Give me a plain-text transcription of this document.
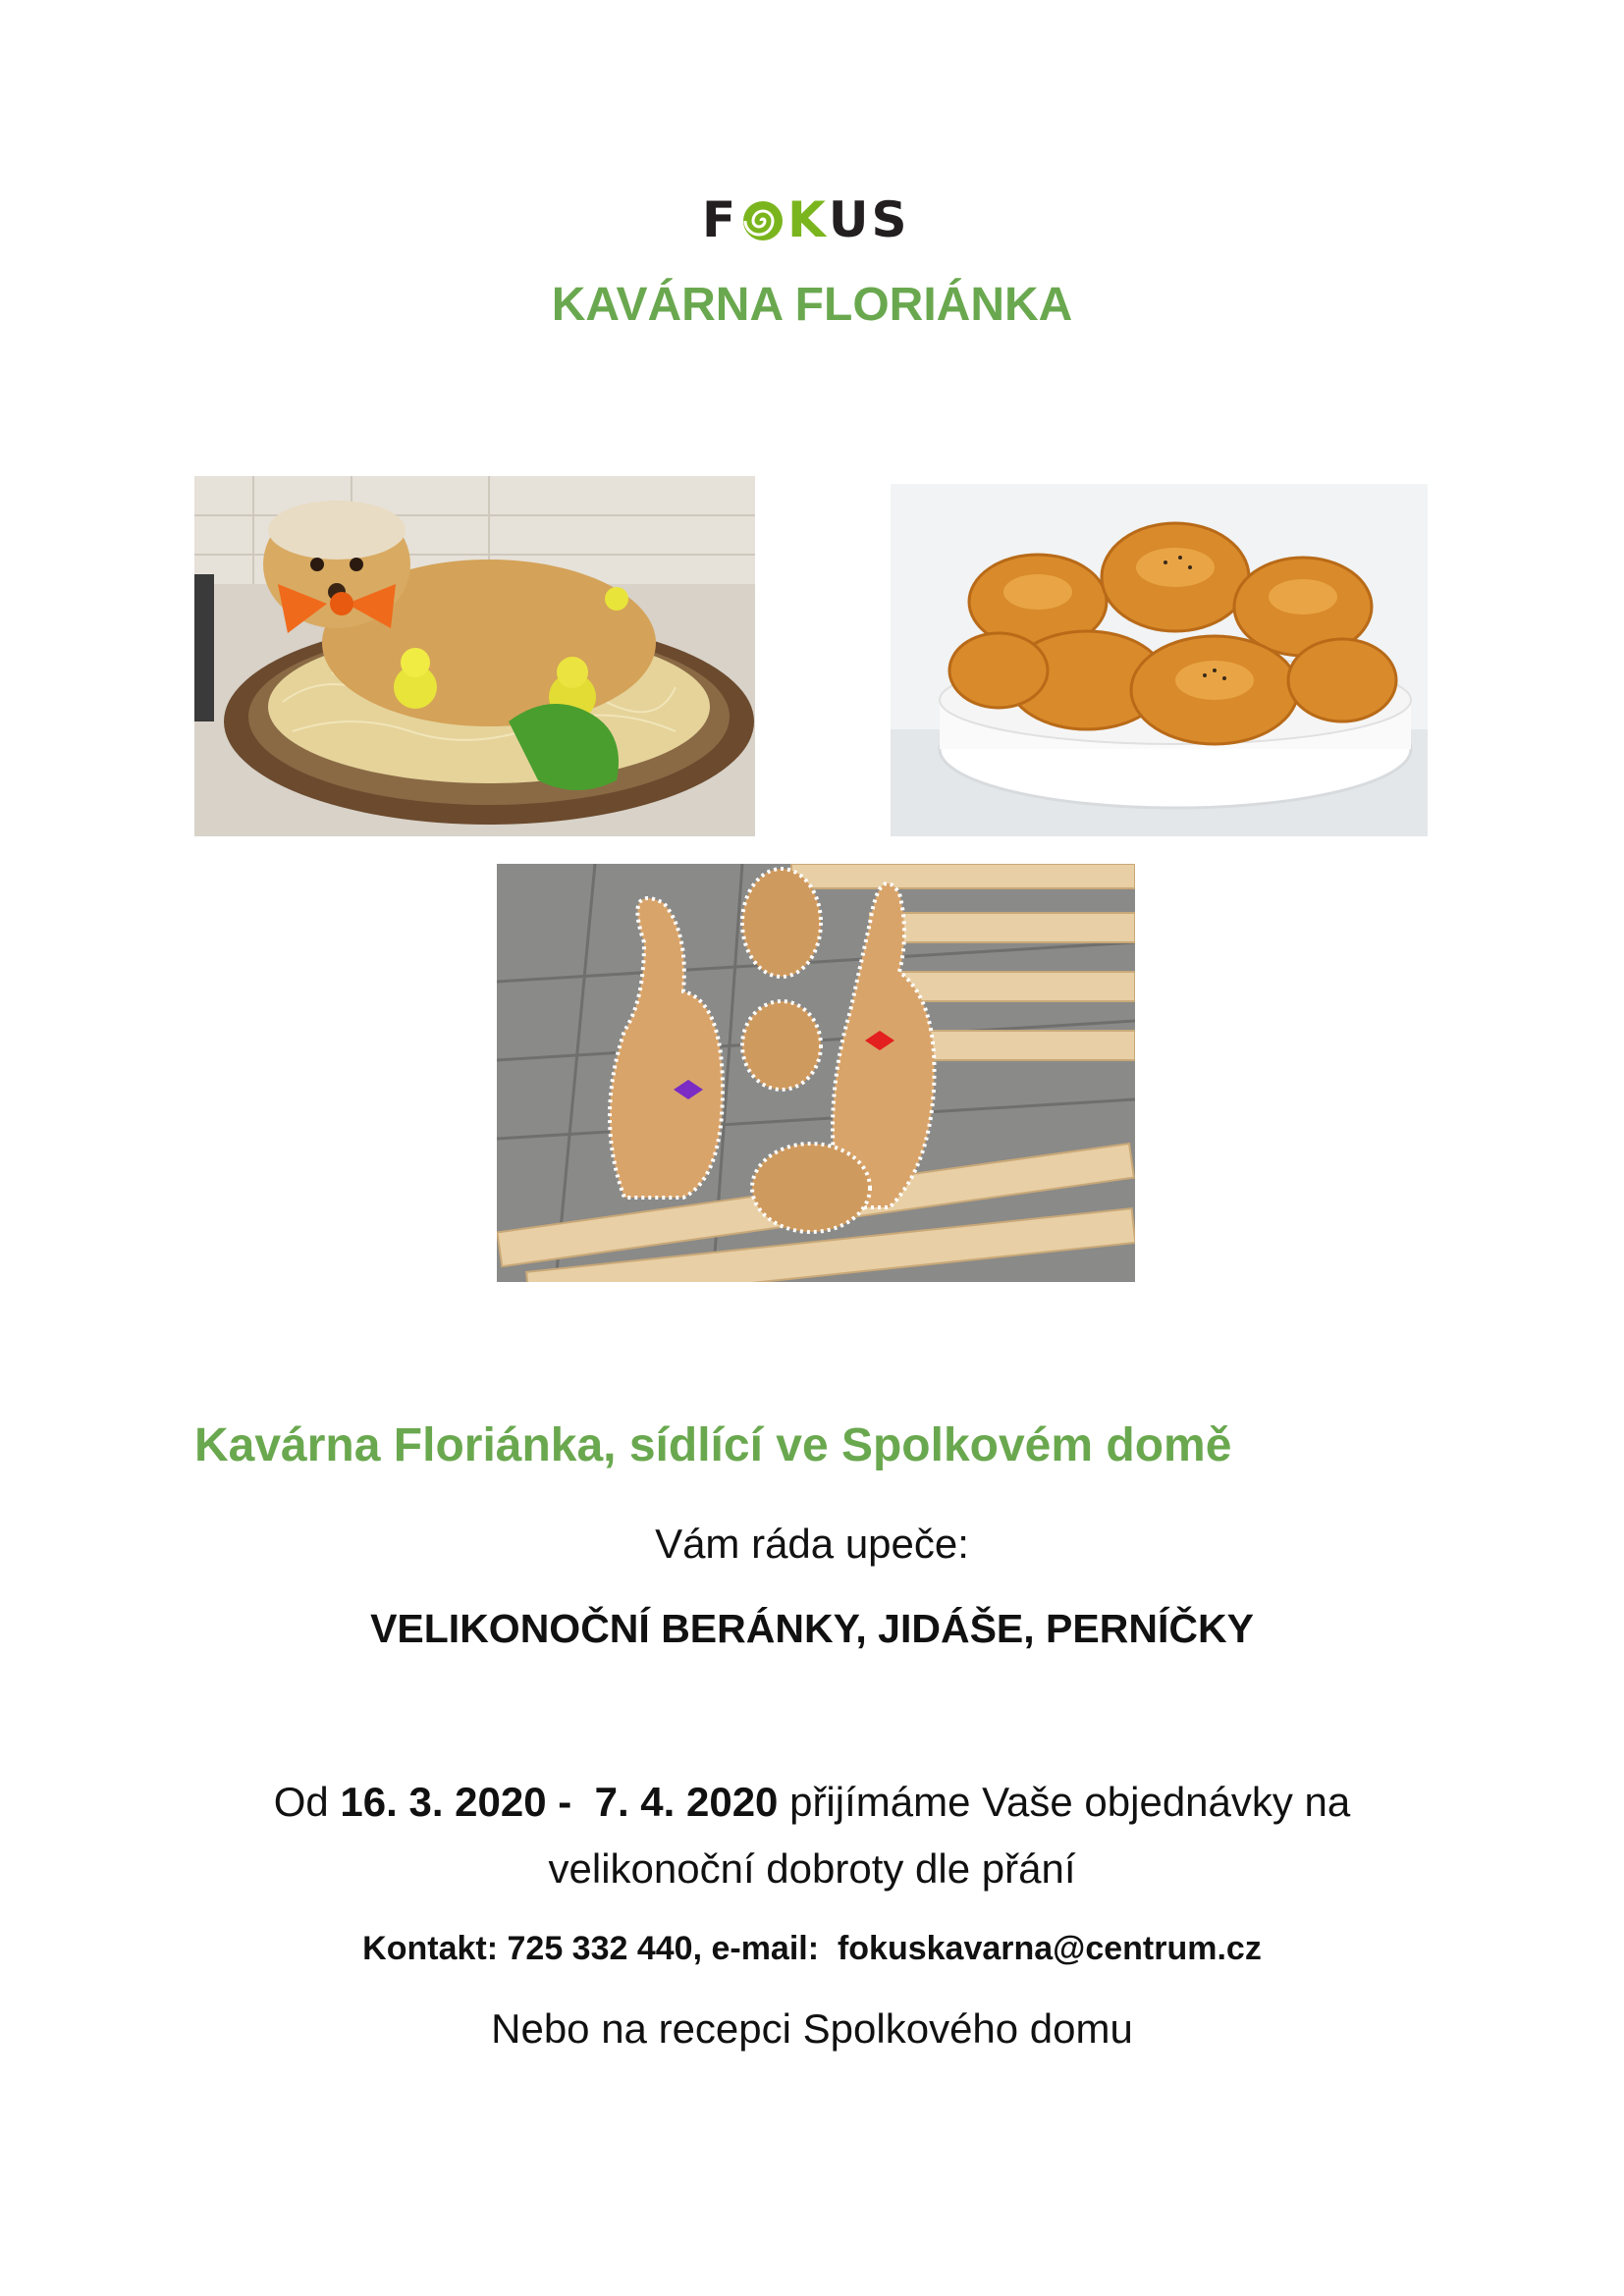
F K U S
KAVÁRNA FLORIÁNKA
Kavárna Floriánka, sídlící ve Spolkovém domě
Vám ráda upeče:
VELIKONOČNÍ BERÁNKY, JIDÁŠE, PERNÍČKY
Od 16. 3. 2020 -  7. 4. 2020 přijímáme Vaše objednávky na
velikonoční dobroty dle přání
Kontakt: 725 332 440, e-mail:  fokuskavarna@centrum.cz
Nebo na recepci Spolkového domu
